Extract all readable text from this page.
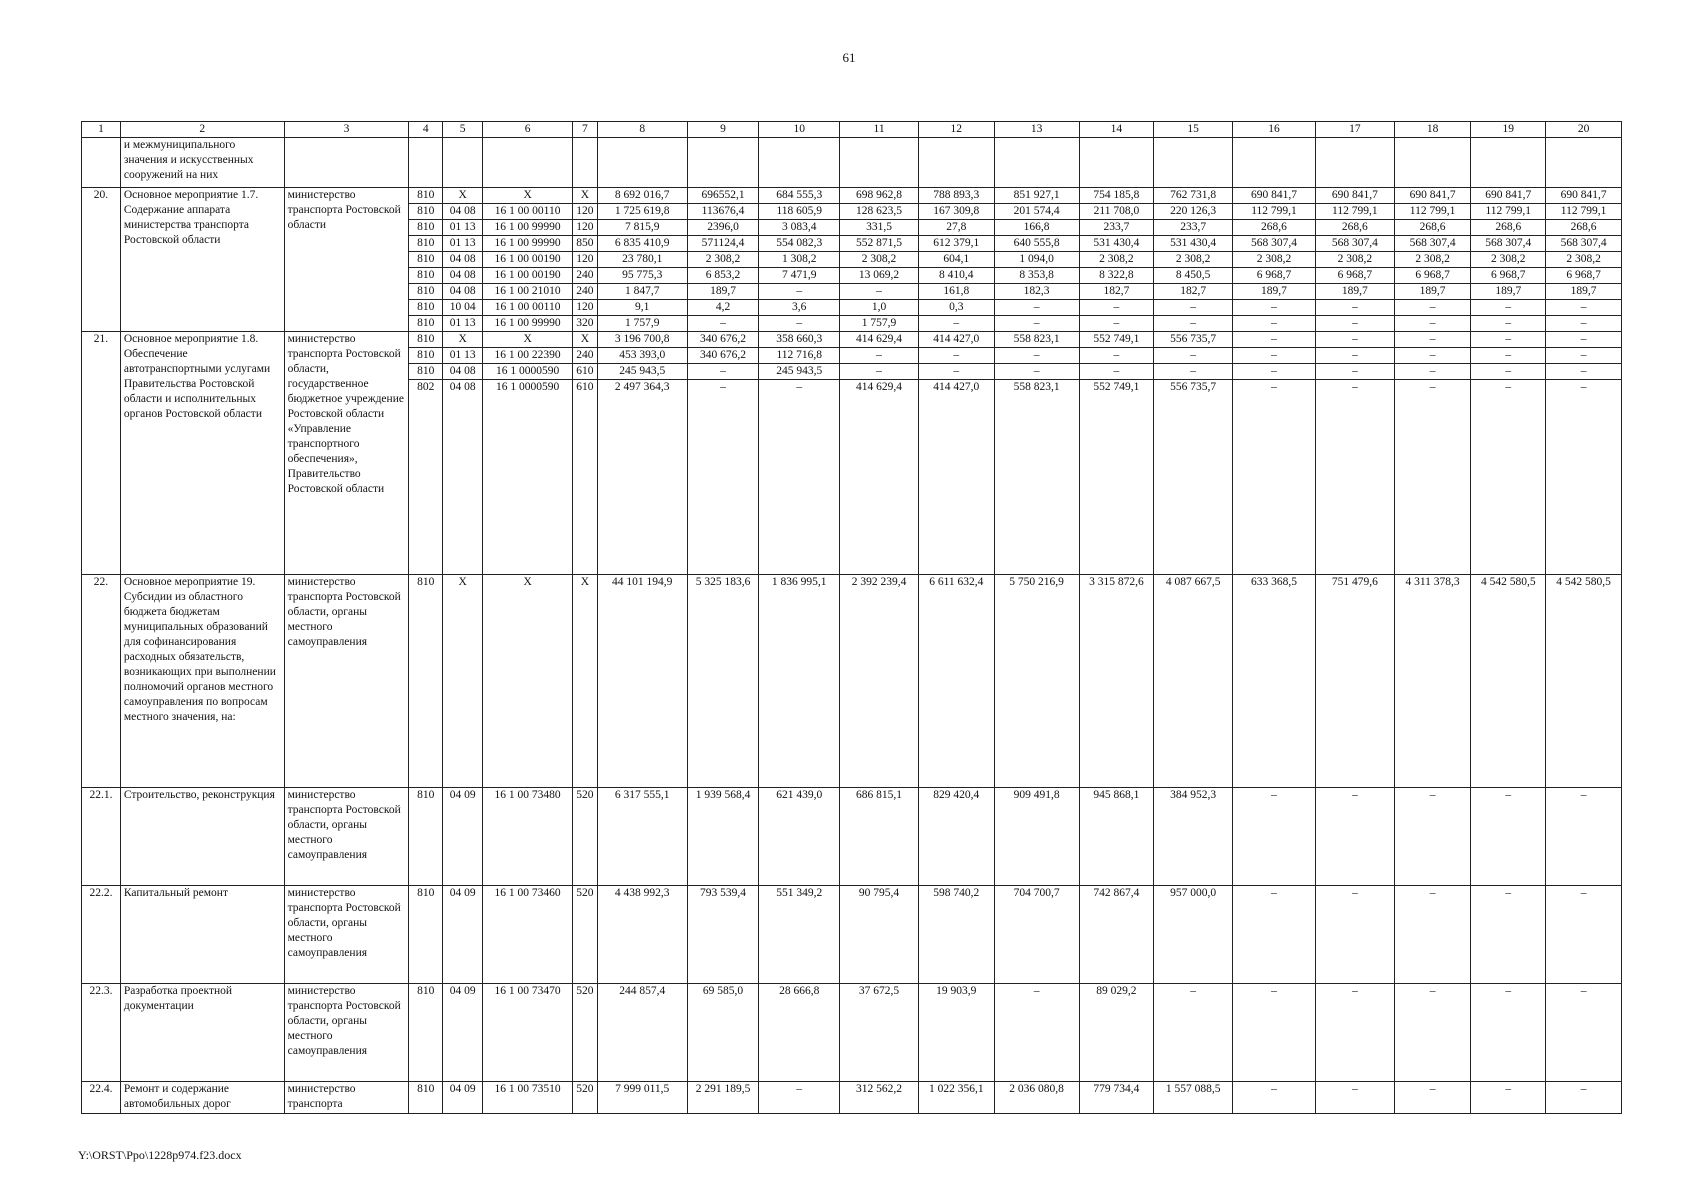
61
1	2	3	4	5	6	7	8	9	10	11	12	13	14	15	16	17	18	19	20
	и межмуниципального значения и искусственных сооружений на них																		
20.	Основное мероприятие 1.7. Содержание аппарата министерства транспорта Ростовской области	министерство транспорта Ростовской области	810	X	X	X	8 692 016,7	696552,1	684 555,3	698 962,8	788 893,3	851 927,1	754 185,8	762 731,8	690 841,7	690 841,7	690 841,7	690 841,7	690 841,7
			810	04 08	16 1 00 00110	120	1 725 619,8	113676,4	118 605,9	128 623,5	167 309,8	201 574,4	211 708,0	220 126,3	112 799,1	112 799,1	112 799,1	112 799,1	112 799,1
			810	01 13	16 1 00 99990	120	7 815,9	2396,0	3 083,4	331,5	27,8	166,8	233,7	233,7	268,6	268,6	268,6	268,6	268,6
			810	01 13	16 1 00 99990	850	6 835 410,9	571124,4	554 082,3	552 871,5	612 379,1	640 555,8	531 430,4	531 430,4	568 307,4	568 307,4	568 307,4	568 307,4	568 307,4
			810	04 08	16 1 00 00190	120	23 780,1	2 308,2	1 308,2	2 308,2	604,1	1 094,0	2 308,2	2 308,2	2 308,2	2 308,2	2 308,2	2 308,2	2 308,2
			810	04 08	16 1 00 00190	240	95 775,3	6 853,2	7 471,9	13 069,2	8 410,4	8 353,8	8 322,8	8 450,5	6 968,7	6 968,7	6 968,7	6 968,7	6 968,7
			810	04 08	16 1 00 21010	240	1 847,7	189,7	–	–	161,8	182,3	182,7	182,7	189,7	189,7	189,7	189,7	189,7
			810	10 04	16 1 00 00110	120	9,1	4,2	3,6	1,0	0,3	–	–	–	–	–	–	–	–
			810	01 13	16 1 00 99990	320	1 757,9	–	–	1 757,9	–	–	–	–	–	–	–	–	–
21.	Основное мероприятие 1.8. Обеспечение автотранспортными услугами Правительства Ростовской области и исполнительных органов Ростовской области	министерство транспорта Ростовской области, государственное бюджетное учреждение Ростовской области «Управление транспортного обеспечения», Правительство Ростовской области	810	X	X	X	3 196 700,8	340 676,2	358 660,3	414 629,4	414 427,0	558 823,1	552 749,1	556 735,7	–	–	–	–	–
			810	01 13	16 1 00 22390	240	453 393,0	340 676,2	112 716,8	–	–	–	–	–	–	–	–	–	–
			810	04 08	16 1 0000590	610	245 943,5	–	245 943,5	–	–	–	–	–	–	–	–	–	–
			802	04 08	16 1 0000590	610	2 497 364,3	–	–	414 629,4	414 427,0	558 823,1	552 749,1	556 735,7	–	–	–	–	–
22.	Основное мероприятие 19. Субсидии из областного бюджета бюджетам муниципальных образований для софинансирования расходных обязательств, возникающих при выполнении полномочий органов местного самоуправления по вопросам местного значения, на:	министерство транспорта Ростовской области, органы местного самоуправления	810	X	X	X	44 101 194,9	5 325 183,6	1 836 995,1	2 392 239,4	6 611 632,4	5 750 216,9	3 315 872,6	4 087 667,5	633 368,5	751 479,6	4 311 378,3	4 542 580,5	4 542 580,5
22.1.	Строительство, реконструкция	министерство транспорта Ростовской области, органы местного самоуправления	810	04 09	16 1 00 73480	520	6 317 555,1	1 939 568,4	621 439,0	686 815,1	829 420,4	909 491,8	945 868,1	384 952,3	–	–	–	–	–
22.2.	Капитальный ремонт	министерство транспорта Ростовской области, органы местного самоуправления	810	04 09	16 1 00 73460	520	4 438 992,3	793 539,4	551 349,2	90 795,4	598 740,2	704 700,7	742 867,4	957 000,0	–	–	–	–	–
22.3.	Разработка проектной документации	министерство транспорта Ростовской области, органы местного самоуправления	810	04 09	16 1 00 73470	520	244 857,4	69 585,0	28 666,8	37 672,5	19 903,9	–	89 029,2	–	–	–	–	–	–
22.4.	Ремонт и содержание автомобильных дорог	министерство транспорта	810	04 09	16 1 00 73510	520	7 999 011,5	2 291 189,5	–	312 562,2	1 022 356,1	2 036 080,8	779 734,4	1 557 088,5	–	–	–	–	–
Y:\ORST\Ppo\1228p974.f23.docx
